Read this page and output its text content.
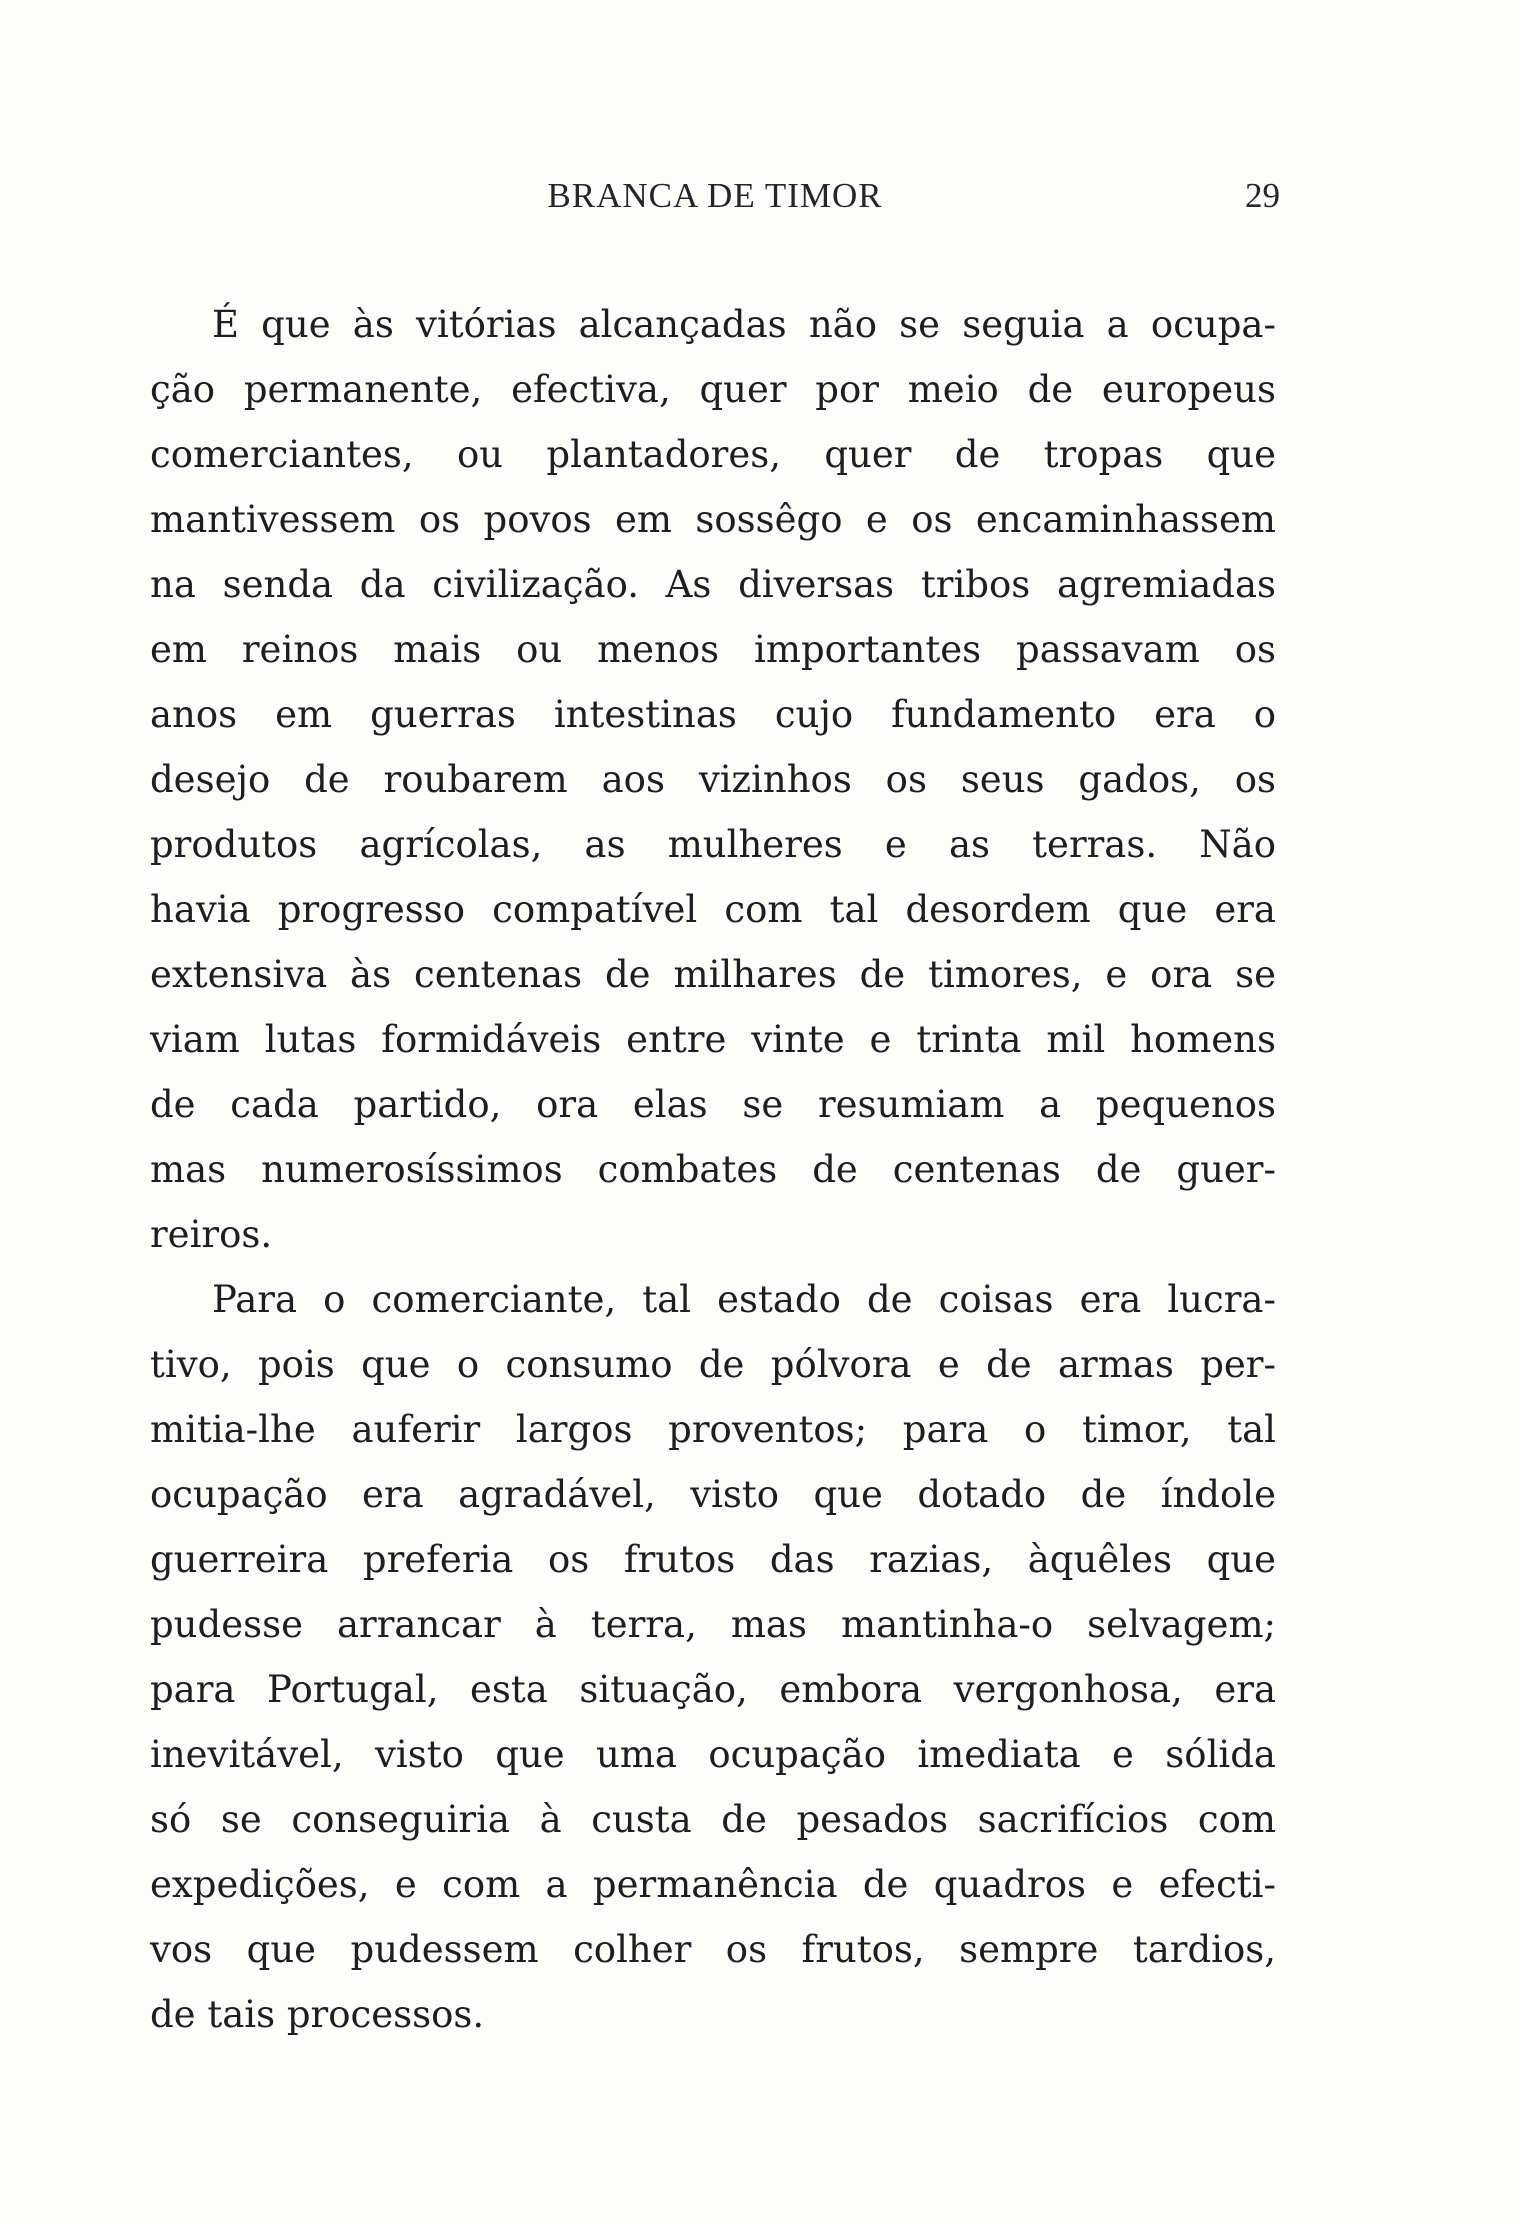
BRANCA DE TIMOR	29

É que às vitórias alcançadas não se seguia a ocupa-
ção permanente, efectiva, quer por meio de europeus
comerciantes, ou plantadores, quer de tropas que
mantivessem os povos em sossêgo e os encaminhassem
na senda da civilização. As diversas tribos agremiadas
em reinos mais ou menos importantes passavam os
anos em guerras intestinas cujo fundamento era o
desejo de roubarem aos vizinhos os seus gados, os
produtos agrícolas, as mulheres e as terras. Não
havia progresso compatível com tal desordem que era
extensiva às centenas de milhares de timores, e ora se
viam lutas formidáveis entre vinte e trinta mil homens
de cada partido, ora elas se resumiam a pequenos
mas numerosíssimos combates de centenas de guer-
reiros.

Para o comerciante, tal estado de coisas era lucra-
tivo, pois que o consumo de pólvora e de armas per-
mitia-lhe auferir largos proventos; para o timor, tal
ocupação era agradável, visto que dotado de índole
guerreira preferia os frutos das razias, àquêles que
pudesse arrancar à terra, mas mantinha-o selvagem;
para Portugal, esta situação, embora vergonhosa, era
inevitável, visto que uma ocupação imediata e sólida
só se conseguiria à custa de pesados sacrifícios com
expedições, e com a permanência de quadros e efecti-
vos que pudessem colher os frutos, sempre tardios,
de tais processos.
